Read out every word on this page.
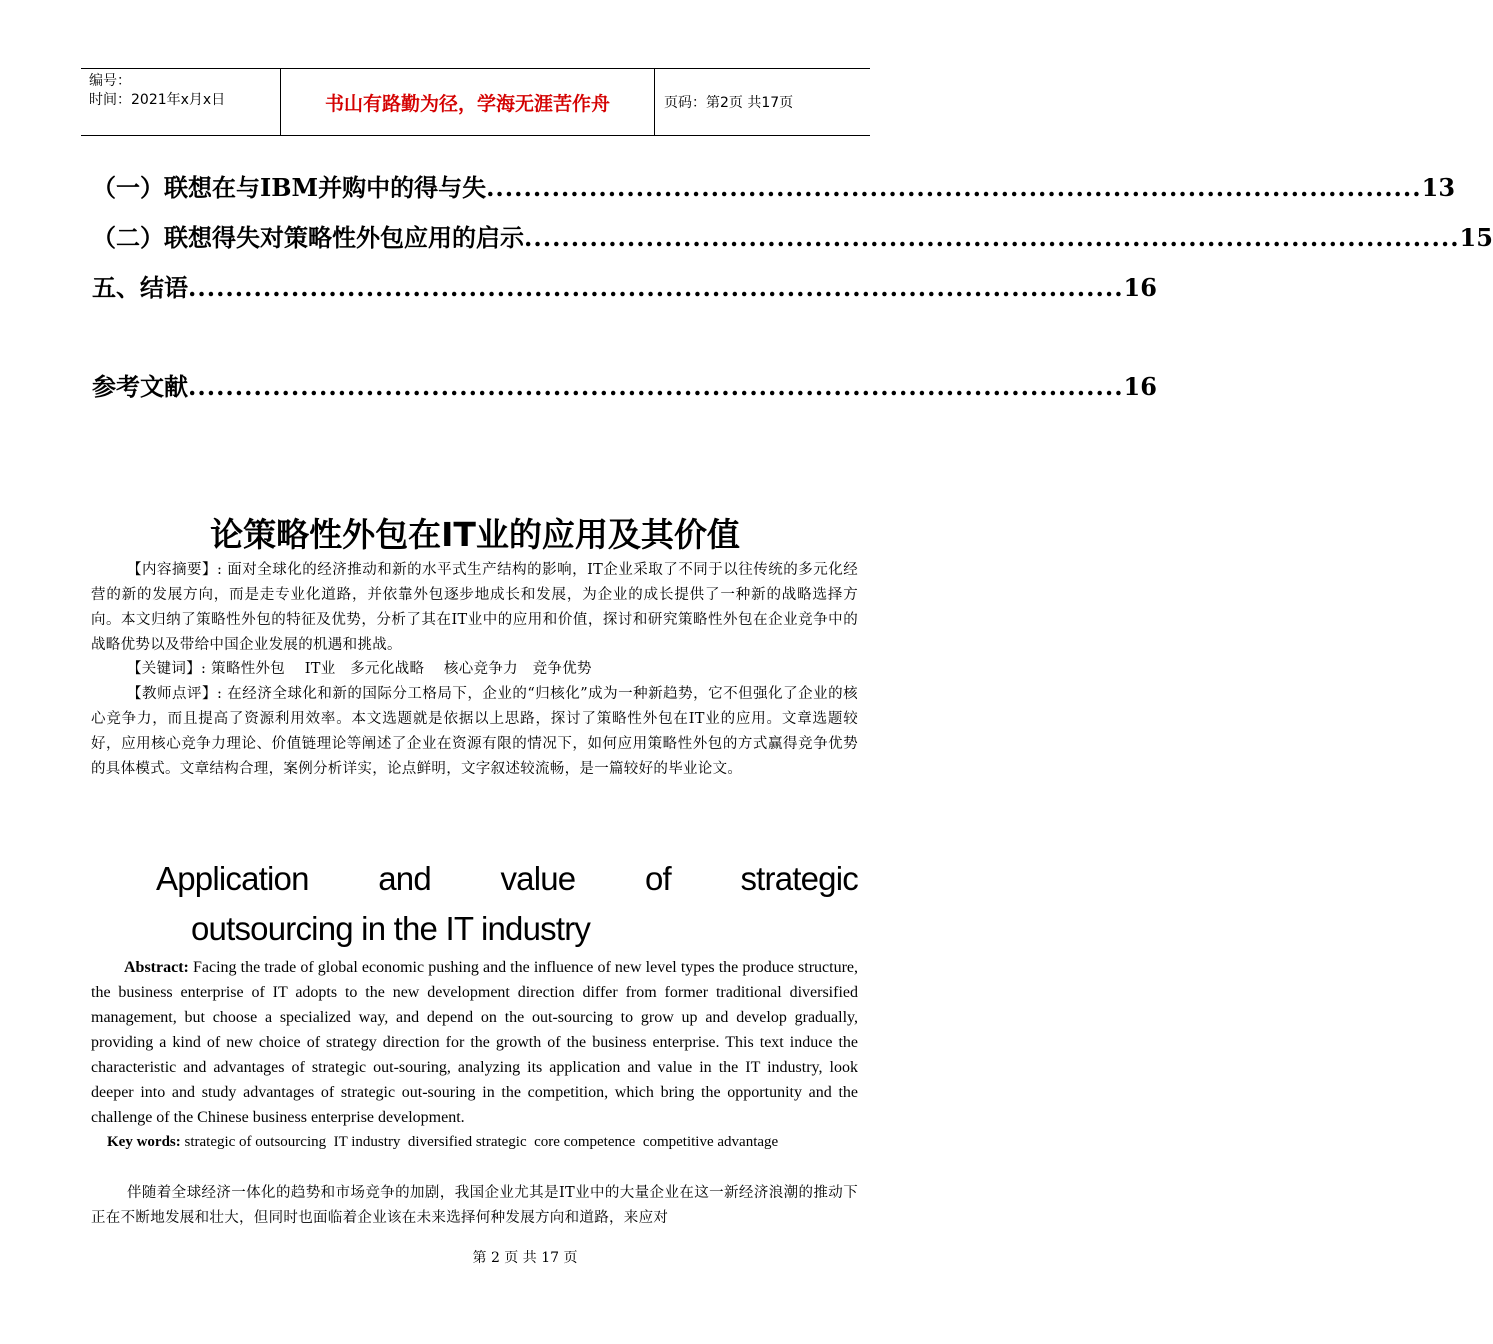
编号：
时间：2021年x月x日	书山有路勤为径，学海无涯苦作舟	页码：第2页 共17页
（一）联想在与IBM并购中的得与失 .................................................................................................... 13
（二）联想得失对策略性外包应用的启示 .................................................................................................... 15
五、结语 .................................................................................................... 16
参考文献 .................................................................................................... 16
论策略性外包在IT业的应用及其价值
【内容摘要】: 面对全球化的经济推动和新的水平式生产结构的影响，IT企业采取了不同于以往传统的多元化经营的新的发展方向，而是走专业化道路，并依靠外包逐步地成长和发展，为企业的成长提供了一种新的战略选择方向。本文归纳了策略性外包的特征及优势，分析了其在IT业中的应用和价值，探讨和研究策略性外包在企业竞争中的战略优势以及带给中国企业发展的机遇和挑战。
【关键词】: 策略性外包    IT业   多元化战略    核心竞争力   竞争优势
【教师点评】: 在经济全球化和新的国际分工格局下，企业的“归核化”成为一种新趋势，它不但强化了企业的核心竞争力，而且提高了资源利用效率。本文选题就是依据以上思路，探讨了策略性外包在IT业的应用。文章选题较好，应用核心竞争力理论、价值链理论等阐述了企业在资源有限的情况下，如何应用策略性外包的方式赢得竞争优势的具体模式。文章结构合理，案例分析详实，论点鲜明，文字叙述较流畅，是一篇较好的毕业论文。
Application and value of strategic
outsourcing in the IT industry
Abstract: Facing the trade of global economic pushing and the influence of new level types the produce structure, the business enterprise of IT adopts to the new development direction differ from former traditional diversified management, but choose a specialized way, and depend on the out-sourcing to grow up and develop gradually, providing a kind of new choice of strategy direction for the growth of the business enterprise. This text induce the characteristic and advantages of strategic out-souring, analyzing its application and value in the IT industry, look deeper into and study advantages of strategic out-souring in the competition, which bring the opportunity and the challenge of the Chinese business enterprise development.
Key words: strategic of outsourcing  IT industry  diversified strategic  core competence  competitive advantage
伴随着全球经济一体化的趋势和市场竞争的加剧，我国企业尤其是IT业中的大量企业在这一新经济浪潮的推动下正在不断地发展和壮大，但同时也面临着企业该在未来选择何种发展方向和道路，来应对
第 2 页 共 17 页
